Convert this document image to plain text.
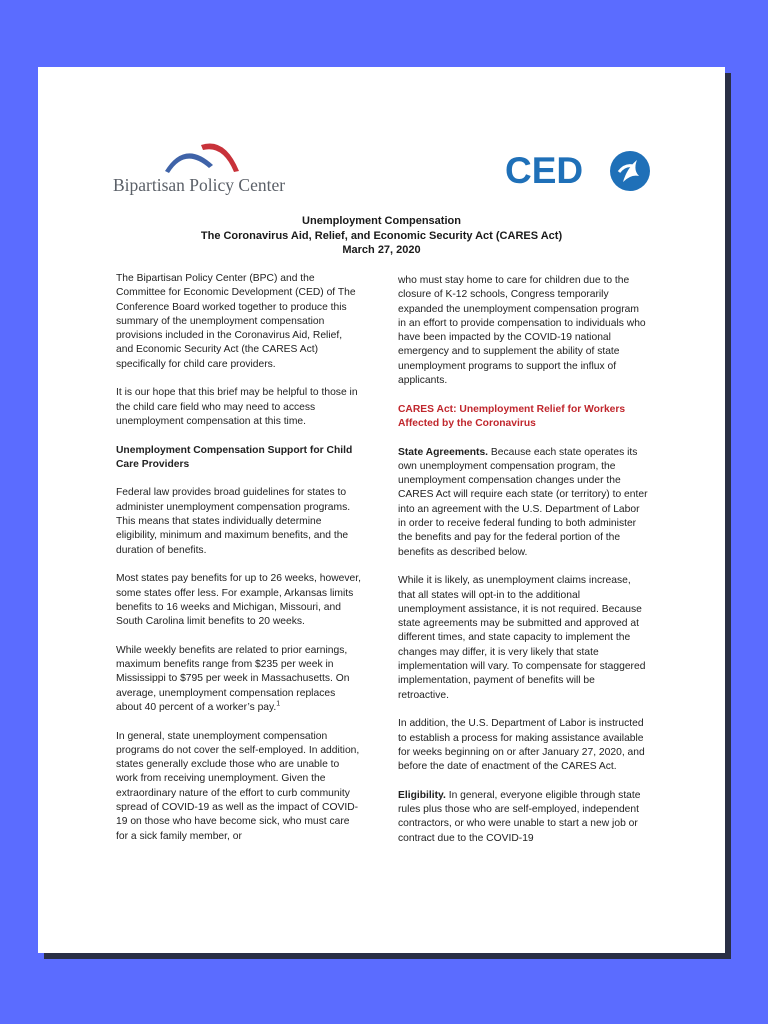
Bipartisan Policy Center	CED
Unemployment Compensation
The Coronavirus Aid, Relief, and Economic Security Act (CARES Act)
March 27, 2020

The Bipartisan Policy Center (BPC) and the Committee for Economic Development (CED) of The Conference Board worked together to produce this summary of the unemployment compensation provisions included in the Coronavirus Aid, Relief, and Economic Security Act (the CARES Act) specifically for child care providers.

It is our hope that this brief may be helpful to those in the child care field who may need to access unemployment compensation at this time.

Unemployment Compensation Support for Child Care Providers

Federal law provides broad guidelines for states to administer unemployment compensation programs. This means that states individually determine eligibility, minimum and maximum benefits, and the duration of benefits.

Most states pay benefits for up to 26 weeks, however, some states offer less. For example, Arkansas limits benefits to 16 weeks and Michigan, Missouri, and South Carolina limit benefits to 20 weeks.

While weekly benefits are related to prior earnings, maximum benefits range from $235 per week in Mississippi to $795 per week in Massachusetts. On average, unemployment compensation replaces about 40 percent of a worker’s pay.$^1$

In general, state unemployment compensation programs do not cover the self-employed. In addition, states generally exclude those who are unable to work from receiving unemployment. Given the extraordinary nature of the effort to curb community spread of COVID-19 as well as the impact of COVID-19 on those who have become sick, who must care for a sick family member, or

who must stay home to care for children due to the closure of K-12 schools, Congress temporarily expanded the unemployment compensation program in an effort to provide compensation to individuals who have been impacted by the COVID-19 national emergency and to supplement the ability of state unemployment programs to support the influx of applicants.

CARES Act: Unemployment Relief for Workers Affected by the Coronavirus

State Agreements. Because each state operates its own unemployment compensation program, the unemployment compensation changes under the CARES Act will require each state (or territory) to enter into an agreement with the U.S. Department of Labor in order to receive federal funding to both administer the benefits and pay for the federal portion of the benefits as described below.

While it is likely, as unemployment claims increase, that all states will opt-in to the additional unemployment assistance, it is not required. Because state agreements may be submitted and approved at different times, and state capacity to implement the changes may differ, it is very likely that state implementation will vary. To compensate for staggered implementation, payment of benefits will be retroactive.

In addition, the U.S. Department of Labor is instructed to establish a process for making assistance available for weeks beginning on or after January 27, 2020, and before the date of enactment of the CARES Act.

Eligibility. In general, everyone eligible through state rules plus those who are self-employed, independent contractors, or who were unable to start a new job or contract due to the COVID-19
